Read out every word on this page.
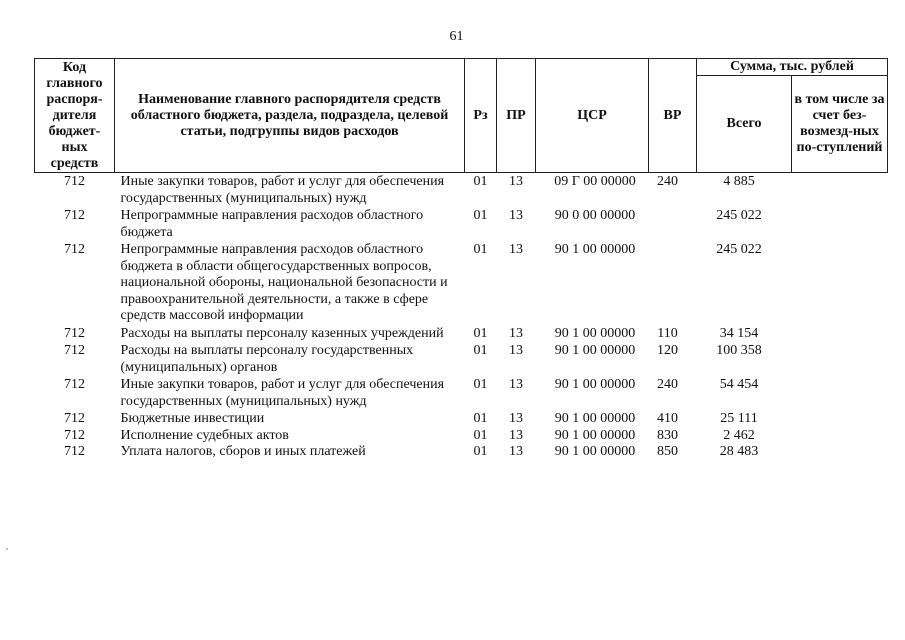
61
Код главного распоря-дителя бюджет-ных средств	Наименование главного распорядителя средств областного бюджета, раздела, подраздела, целевой статьи, подгруппы видов расходов	Рз	ПР	ЦСР	ВР	Сумма, тыс. рублей	
						Всего	в том числе за счет без-возмезд-ных по-ступлений
712	Иные закупки товаров, работ и услуг для обеспечения государственных (муниципальных) нужд	01	13	09 Г 00 00000	240	4 885	
712	Непрограммные направления расходов областного бюджета	01	13	90 0 00 00000		245 022	
712	Непрограммные направления расходов областного бюджета в области общегосударственных вопросов, национальной обороны, национальной безопасности и правоохранительной деятельности, а также в сфере средств массовой информации	01	13	90 1 00 00000		245 022	
712	Расходы на выплаты персоналу казенных учреждений	01	13	90 1 00 00000	110	34 154	
712	Расходы на выплаты персоналу государственных (муниципальных) органов	01	13	90 1 00 00000	120	100 358	
712	Иные закупки товаров, работ и услуг для обеспечения государственных (муниципальных) нужд	01	13	90 1 00 00000	240	54 454	
712	Бюджетные инвестиции	01	13	90 1 00 00000	410	25 111	
712	Исполнение судебных актов	01	13	90 1 00 00000	830	2 462	
712	Уплата налогов, сборов и иных платежей	01	13	90 1 00 00000	850	28 483	
